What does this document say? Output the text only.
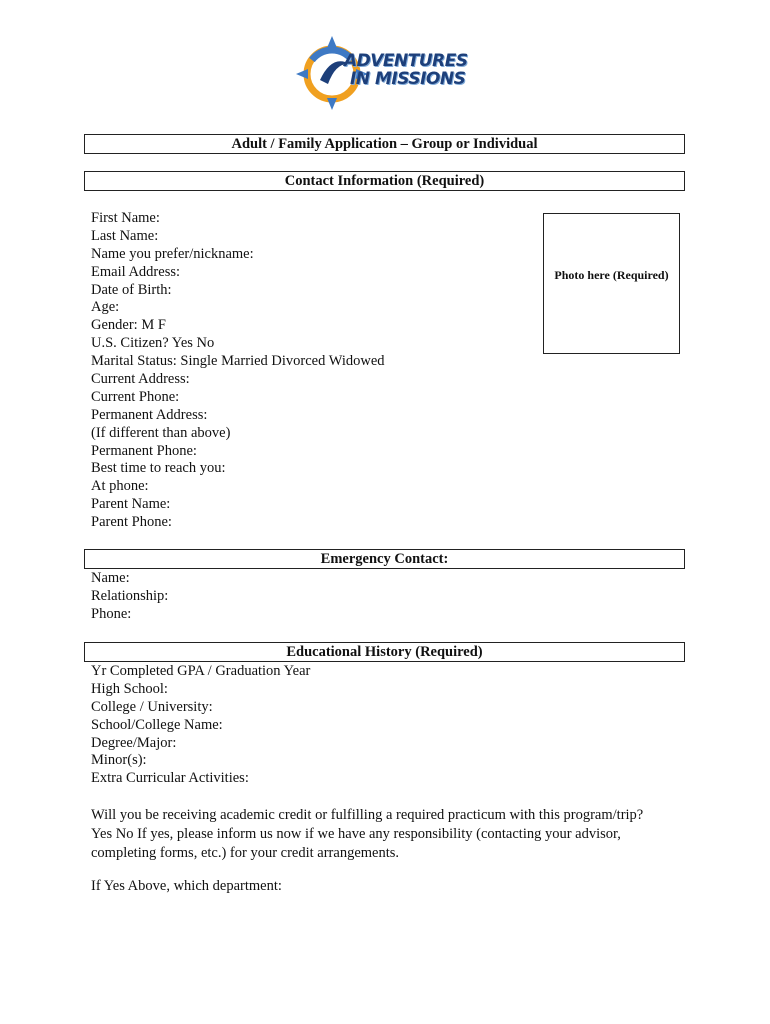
ADVENTURES
IN MISSIONS
Adult / Family Application – Group or Individual
Contact Information (Required)
First Name:
Last Name:
Name you prefer/nickname:
Email Address:
Date of Birth:
Age:
Gender: M F
U.S. Citizen? Yes No
Marital Status: Single Married Divorced Widowed
Current Address:
Current Phone:
Permanent Address:
(If different than above)
Permanent Phone:
Best time to reach you:
At phone:
Parent Name:
Parent Phone:
Photo here (Required)
Emergency Contact:
Name:
Relationship:
Phone:
Educational History (Required)
Yr Completed GPA / Graduation Year
High School:
College / University:
School/College Name:
Degree/Major:
Minor(s):
Extra Curricular Activities:
Will you be receiving academic credit or fulfilling a required practicum with this program/trip?
Yes No If yes, please inform us now if we have any responsibility (contacting your advisor,
completing forms, etc.) for your credit arrangements.
If Yes Above, which department:
